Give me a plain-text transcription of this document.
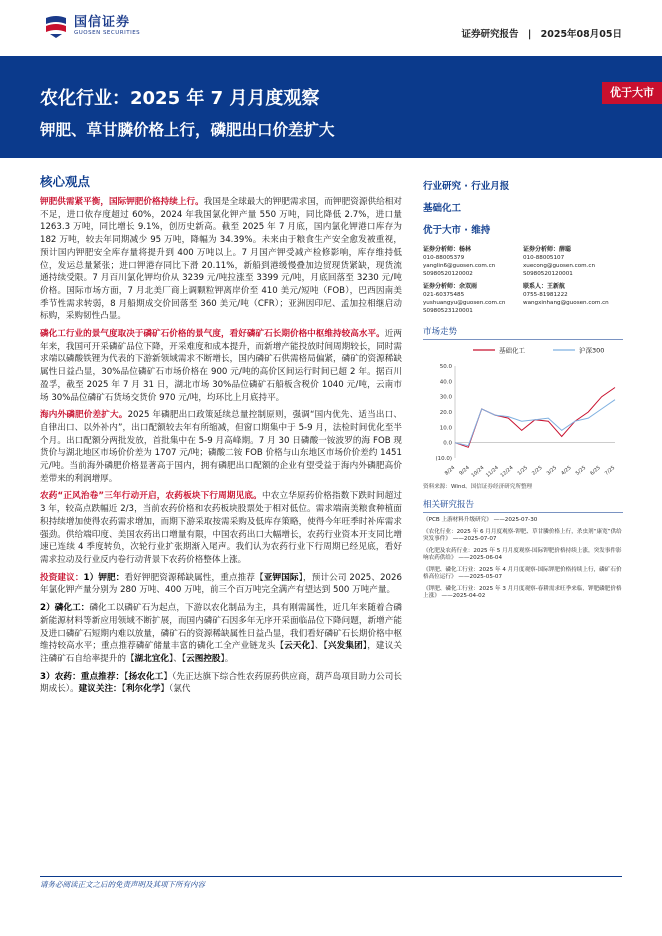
国信证券
GUOSEN SECURITIES	证券研究报告 | 2025年08月05日
农化行业：2025 年 7 月月度观察
钾肥、草甘膦价格上行，磷肥出口价差扩大
优于大市
核心观点

钾肥供需紧平衡，国际钾肥价格持续上行。我国是全球最大的钾肥需求国，而钾肥资源供给相对不足，进口依存度超过 60%，2024 年我国氯化钾产量 550 万吨，同比降低 2.7%，进口量 1263.3 万吨，同比增长 9.1%，创历史新高。截至 2025 年 7 月底，国内氯化钾港口库存为 182 万吨，较去年同期减少 95 万吨，降幅为 34.39%。未来由于粮食生产安全愈发被重视，预计国内钾肥安全库存量将提升到 400 万吨以上。7 月国产钾受减产检修影响，库存维持低位，发运总量紧张；进口钾港存同比下滑 20.11%，新船到港缓慢叠加边贸现货紧缺，现货流通持续受限。7 月百川氯化钾均价从 3239 元/吨拉涨至 3399 元/吨，月底回落至 3230 元/吨价格。国际市场方面，7 月北美厂商上调颗粒钾离岸价至 410 美元/短吨（FOB），巴西因南美季节性需求转弱，8 月船期成交价回落至 360 美元/吨（CFR）；亚洲因印尼、孟加拉相继启动标购，采购韧性凸显。

磷化工行业的景气度取决于磷矿石价格的景气度，看好磷矿石长期价格中枢维持较高水平。近两年来，我国可开采磷矿品位下降，开采难度和成本提升，而新增产能投放时间周期较长，同时需求端以磷酸铁锂为代表的下游新领域需求不断增长，国内磷矿石供需格局偏紧，磷矿的资源稀缺属性日益凸显，30%品位磷矿石市场价格在 900 元/吨的高价区间运行时间已超 2 年。据百川盈孚，截至 2025 年 7 月 31 日，湖北市场 30%品位磷矿石船板含税价 1040 元/吨，云南市场 30%品位磷矿石货场交货价 970 元/吨，均环比上月底持平。

海内外磷肥价差扩大。2025 年磷肥出口政策延续总量控制原则，强调“国内优先、适当出口、自律出口、以外补内”，出口配额较去年有所缩减，但窗口期集中于 5-9 月，法检时间优化至半个月。出口配额分两批发放，首批集中在 5-9 月高峰期。7 月 30 日磷酸一铵波罗的海 FOB 现货价与湖北地区市场价价差为 1707 元/吨；磷酸二铵 FOB 价格与山东地区市场价价差约 1451 元/吨。当前海外磷肥价格显著高于国内，拥有磷肥出口配额的企业有望受益于海内外磷肥高价差带来的利润增厚。

农药“正风治卷”三年行动开启，农药板块下行周期见底。中农立华原药价格指数下跌时间超过 3 年，较高点跌幅近 2/3，当前农药价格和农药板块股票处于相对低位。需求端南美粮食种植面积持续增加使得农药需求增加，而期下游采取按需采购及低库存策略，使得今年旺季时补库需求强劲。供给端印度、美国农药出口增量有限，中国农药出口大幅增长，农药行业资本开支同比增速已连续 4 季度转负，次轮行业扩张期渐入尾声。我们认为农药行业下行周期已经见底，看好需求拉动及行业反内卷行动背景下农药价格整体上涨。

投资建议：1）钾肥：看好钾肥资源稀缺属性，重点推荐【亚钾国际】，预计公司 2025、2026 年氯化钾产量分别为 280 万吨、400 万吨，前三个百万吨完全满产有望达到 500 万吨产量。

2）磷化工：磷化工以磷矿石为起点，下游以农化制品为主，具有刚需属性，近几年来随着合磷新能源材料等新应用领域不断扩展，而国内磷矿石因多年无序开采面临品位下降问题，新增产能及进口磷矿石短期内难以放量，磷矿石的资源稀缺属性日益凸显，我们看好磷矿石长期价格中枢维持较高水平；重点推荐磷矿储量丰富的磷化工全产业链龙头【云天化】、【兴发集团】，建议关注磷矿石自给率提升的【湖北宜化】、【云图控股】。

3）农药：重点推荐：【扬农化工】（先正达旗下综合性农药原药供应商，葫芦岛项目助力公司长期成长）。建议关注：【利尔化学】（氯代

行业研究 · 行业月报
基础化工
优于大市 · 维持
证券分析师：杨林
010-88005379
yanglin6@guosen.com.cn
S0980520120002
证券分析师：薛聪
010-88005107
xuecong@guosen.com.cn
S0980520120001
证券分析师：余双雨
021-60375485
yushuangyu@guosen.com.cn
S0980523120001
联系人：王新航
0755-81981222
wangxinhang@guosen.com.cn
市场走势
基础化工	沪深300
(10.0)
0.0
10.0
20.0
30.0
40.0
50.0
8/24 9/24 10/24 11/24 12/24 1/25 2/25 3/25 4/25 5/25 6/25 7/25
资料来源：Wind、国信证券经济研究所整理
相关研究报告
《PCB 上游材料升级研究》 ——2025-07-30
《农化行业：2025 年 6 月月度观察-钾肥、草甘膦价格上行，杀虫剂“康宽”供给突发事件》 ——2025-07-07
《化肥及农药行业：2025 年 5 月月度观察-国际钾肥价格持续上涨，突发事件影响农药供给》 ——2025-06-04
《钾肥、磷化工行业：2025 年 4 月月度观察-国际钾肥价格持续上行，磷矿石价格高位运行》 ——2025-05-07
《钾肥、磷化工行业：2025 年 3 月月度观察-春耕需求旺季来临，钾肥磷肥价格上涨》 ——2025-04-02
请务必阅读正文之后的免责声明及其项下所有内容
